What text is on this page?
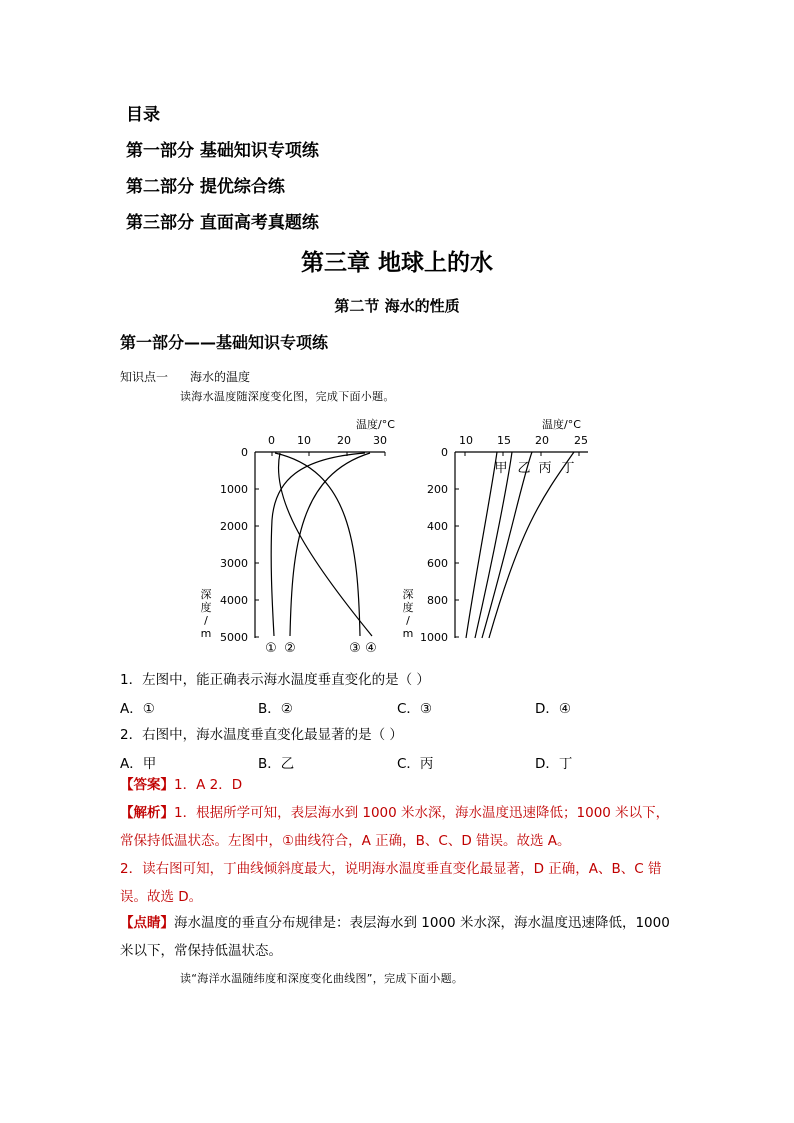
目录
第一部分 基础知识专项练
第二部分 提优综合练
第三部分 直面高考真题练
第三章 地球上的水
第二节 海水的性质
第一部分——基础知识专项练
知识点一 海水的温度
读海水温度随深度变化图，完成下面小题。
温度/°C
0 10 20 30
0
1000
2000
3000
4000
5000
深
度
/
m
① ②	③ ④
温度/°C
10 15 20 25
0
200
400
600
800
1000
深
度
/
m
甲 乙 丙 丁
1．左图中，能正确表示海水温度垂直变化的是（ ）
A．①	B．②	C．③	D．④
2．右图中，海水温度垂直变化最显著的是（ ）
A．甲	B．乙	C．丙	D．丁
【答案】1．A 2．D
【解析】1．根据所学可知，表层海水到 1000 米水深，海水温度迅速降低；1000 米以下，常保持低温状态。左图中，①曲线符合，A 正确，B、C、D 错误。故选 A。
2．读右图可知，丁曲线倾斜度最大，说明海水温度垂直变化最显著，D 正确，A、B、C 错误。故选 D。
【点睛】海水温度的垂直分布规律是：表层海水到 1000 米水深，海水温度迅速降低，1000 米以下，常保持低温状态。
读“海洋水温随纬度和深度变化曲线图”，完成下面小题。
